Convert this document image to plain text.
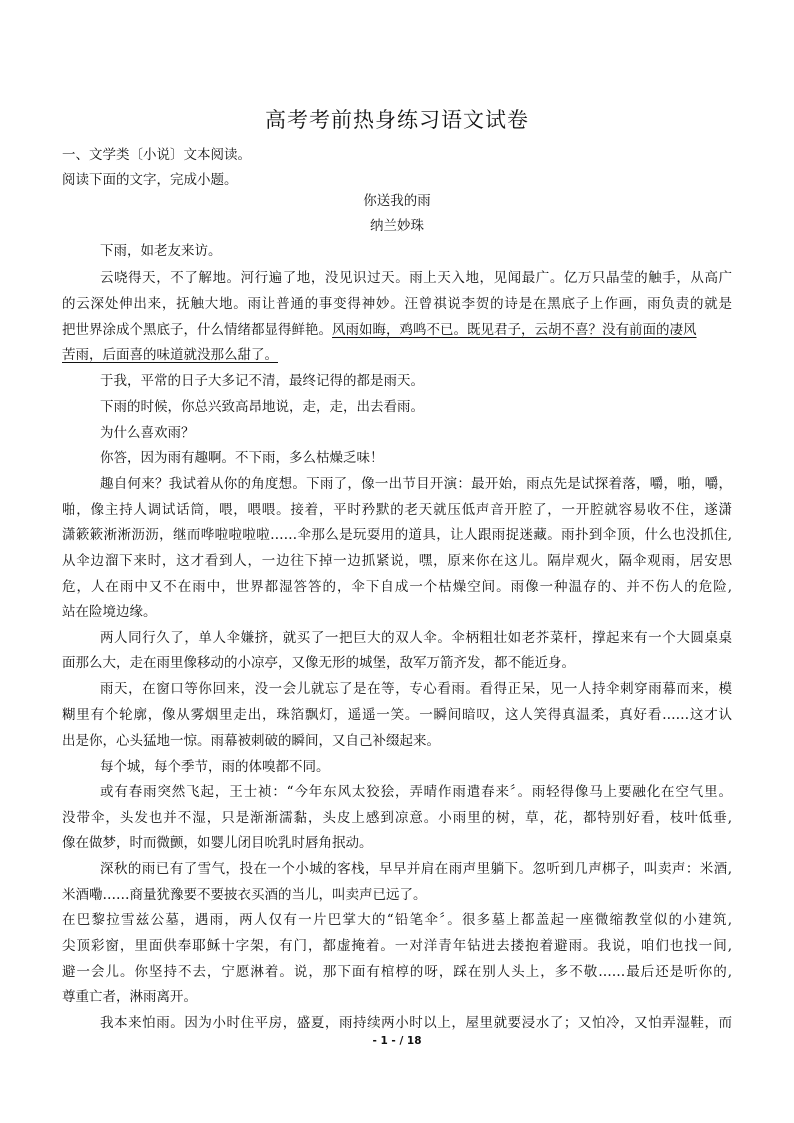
高考考前热身练习语文试卷
一、文学类〔小说〕文本阅读。
阅读下面的文字，完成小题。
你送我的雨
纳兰妙珠
下雨，如老友来访。
云哓得天，不了解地。河行遍了地，没见识过天。雨上天入地，见闻最广。亿万只晶莹的触手，从高广
的云深处伸出来，抚触大地。雨让普通的事变得神妙。汪曾祺说李贺的诗是在黑底子上作画，雨负责的就是
把世界涂成个黑底子，什么情绪都显得鲜艳。风雨如晦，鸡鸣不已。既见君子，云胡不喜？没有前面的凄风
苦雨，后面喜的味道就没那么甜了。
于我，平常的日子大多记不清，最终记得的都是雨天。
下雨的时候，你总兴致高昂地说，走，走，出去看雨。
为什么喜欢雨？
你答，因为雨有趣啊。不下雨，多么枯燥乏味！
趣自何来？我试着从你的角度想。下雨了，像一出节目开演：最开始，雨点先是试探着落，嚼，啪，嚼，
啪，像主持人调试话筒，喂，喂喂。接着，平时矜默的老天就压低声音开腔了，一开腔就容易收不住，遂潇
潇簌簌淅淅沥沥，继而哗啦啦啦啦……伞那么是玩耍用的道具，让人跟雨捉迷藏。雨扑到伞顶，什么也没抓住,
从伞边溜下来时，这才看到人，一边往下掉一边抓紧说，嘿，原来你在这儿。隔岸观火，隔伞观雨，居安思
危，人在雨中又不在雨中，世界都湿答答的，伞下自成一个枯燥空间。雨像一种温存的、并不伤人的危险,
站在险境边缘。
两人同行久了，单人伞嫌挤，就买了一把巨大的双人伞。伞柄粗壮如老芥菜杆，撑起来有一个大圆桌桌
面那么大，走在雨里像移动的小凉亭，又像无形的城堡，敌军万箭齐发，都不能近身。
雨天，在窗口等你回来，没一会儿就忘了是在等，专心看雨。看得正呆，见一人持伞刺穿雨幕而来，模
糊里有个轮廓，像从雾烟里走出，珠箔飘灯，遥遥一笑。一瞬间暗叹，这人笑得真温柔，真好看……这才认
出是你，心头猛地一惊。雨幕被刺破的瞬间，又自己补缀起来。
每个城，每个季节，雨的体嗅都不同。
或有春雨突然飞起，王士祯：“今年东风太狡狯，弄晴作雨遣春来〞。雨轻得像马上要融化在空气里。
没带伞，头发也并不湿，只是渐渐濡黏，头皮上感到凉意。小雨里的树，草，花，都特别好看，枝叶低垂,
像在做梦，时而微颤，如婴儿闭目吮乳时唇角抿动。
深秋的雨已有了雪气，投在一个小城的客栈，早早并肩在雨声里躺下。忽听到几声梆子，叫卖声：米酒,
米酒嘞……商量犹豫要不要披衣买酒的当儿，叫卖声已远了。
在巴黎拉雪兹公墓，遇雨，两人仅有一片巴掌大的“铅笔伞〞。很多墓上都盖起一座微缩教堂似的小建筑,
尖顶彩窗，里面供奉耶稣十字架，有门，都虚掩着。一对洋青年钻进去搂抱着避雨。我说，咱们也找一间,
避一会儿。你坚持不去，宁愿淋着。说，那下面有棺椁的呀，踩在别人头上，多不敬……最后还是听你的,
尊重亡者，淋雨离开。
我本来怕雨。因为小时住平房，盛夏，雨持续两小时以上，屋里就要浸水了；又怕冷，又怕弄湿鞋，而
- 1 - / 18
